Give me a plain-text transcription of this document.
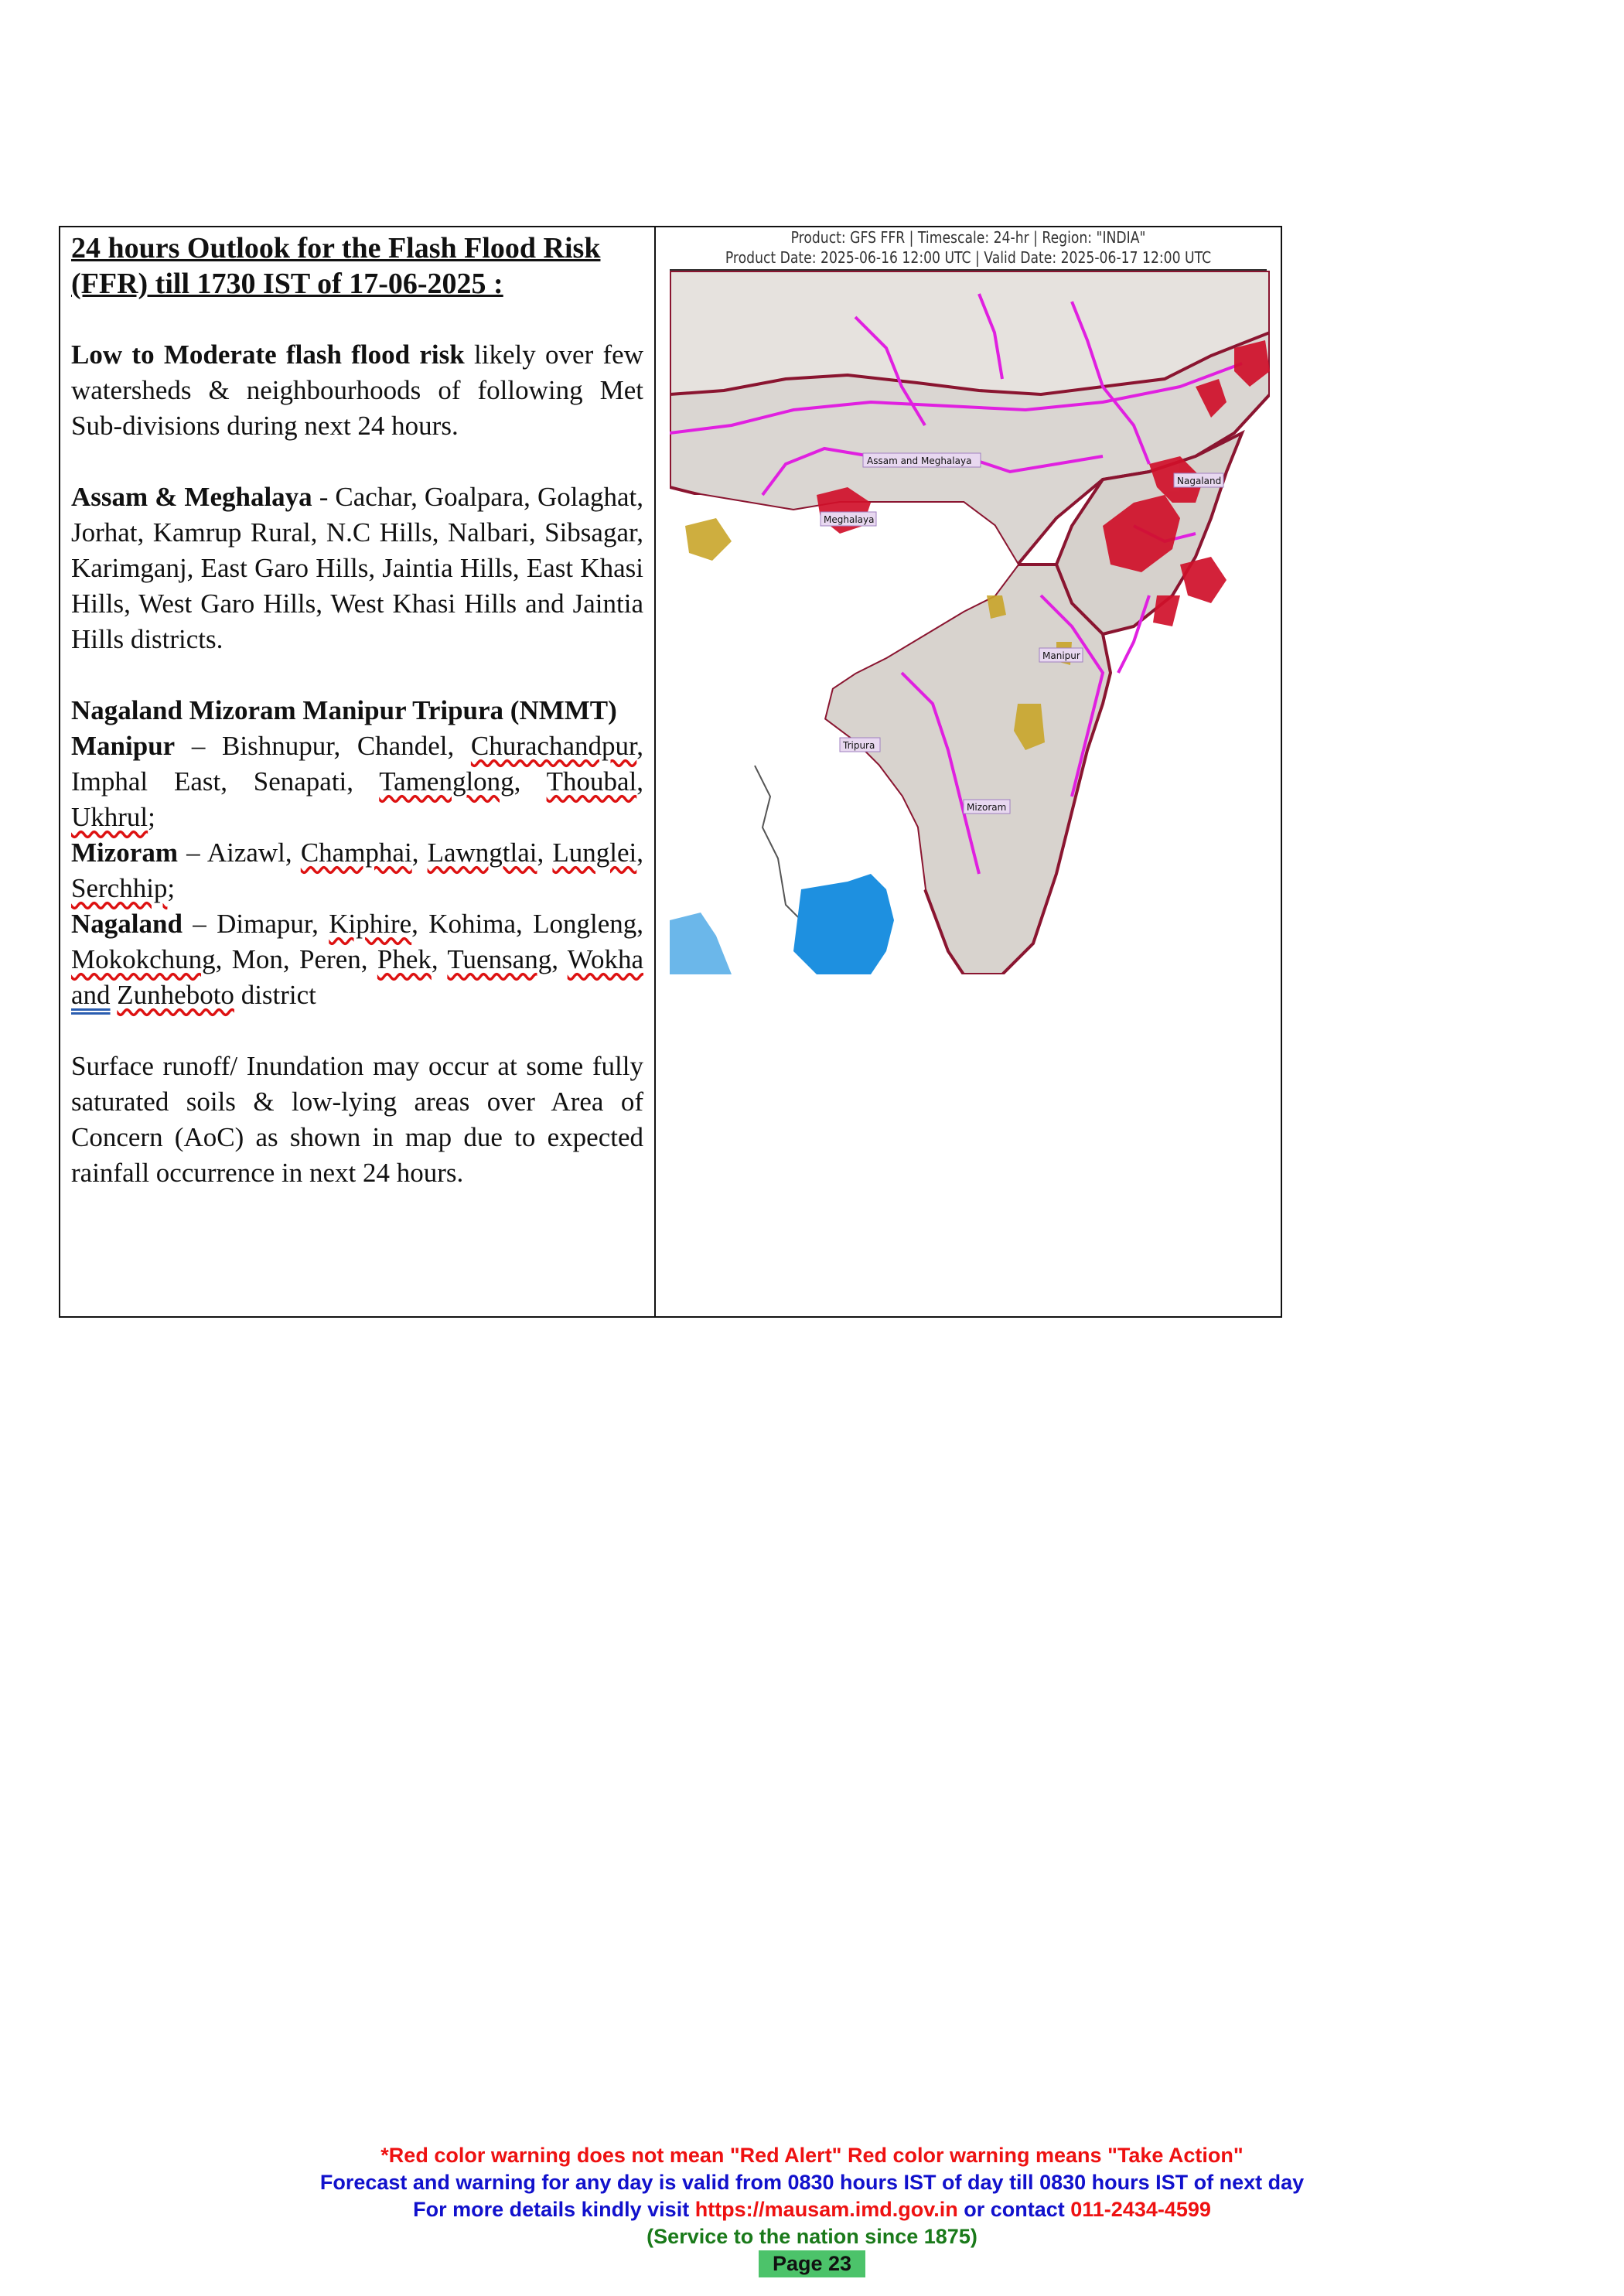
24 hours Outlook for the Flash Flood Risk
(FFR) till 1730 IST of 17-06-2025 :

Low to Moderate flash flood risk likely over few watersheds & neighbourhoods of following Met Sub-divisions during next 24 hours.

Assam & Meghalaya - Cachar, Goalpara, Golaghat, Jorhat, Kamrup Rural, N.C Hills, Nalbari, Sibsagar, Karimganj, East Garo Hills, Jaintia Hills, East Khasi Hills, West Garo Hills, West Khasi Hills and Jaintia Hills districts.

Nagaland Mizoram Manipur Tripura (NMMT)

Manipur – Bishnupur, Chandel, Churachandpur, Imphal East, Senapati, Tamenglong, Thoubal, Ukhrul;
Mizoram – Aizawl, Champhai, Lawngtlai, Lunglei, Serchhip;
Nagaland – Dimapur, Kiphire, Kohima, Longleng, Mokokchung, Mon, Peren, Phek, Tuensang, Wokha and Zunheboto district

Surface runoff/ Inundation may occur at some fully saturated soils & low-lying areas over Area of Concern (AoC) as shown in map due to expected rainfall occurrence in next 24 hours.

Product: GFS FFR | Timescale: 24-hr | Region: "INDIA"
Product Date: 2025-06-16 12:00 UTC | Valid Date: 2025-06-17 12:00 UTC
Assam and Meghalaya
Meghalaya
Nagaland
Manipur
Tripura
Mizoram
*Red color warning does not mean "Red Alert" Red color warning means "Take Action"
Forecast and warning for any day is valid from 0830 hours IST of day till 0830 hours IST of next day
For more details kindly visit https://mausam.imd.gov.in or contact 011-2434-4599
(Service to the nation since 1875)
Page 23
